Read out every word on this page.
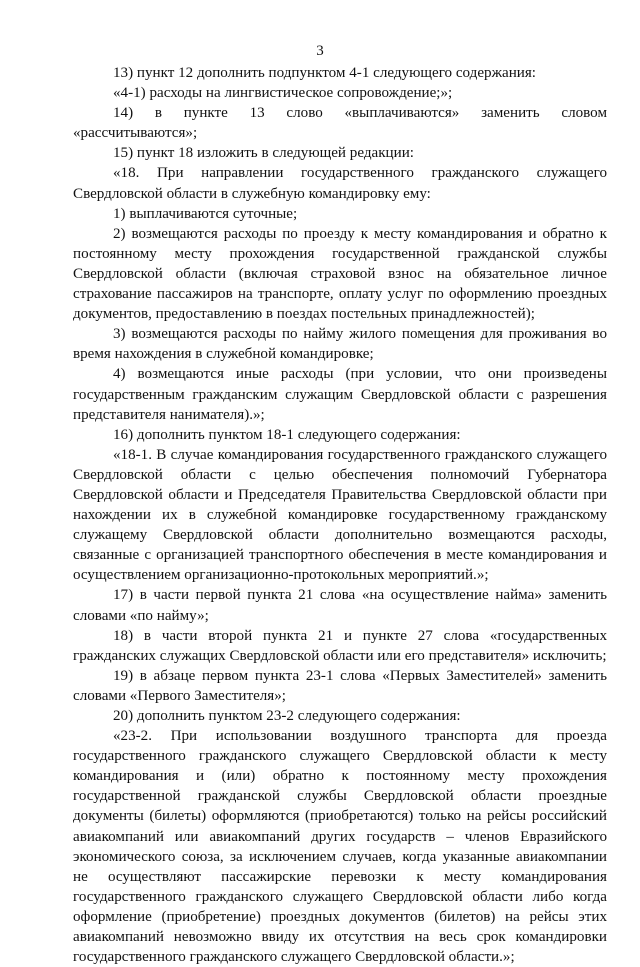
3

13) пункт 12 дополнить подпунктом 4-1 следующего содержания:

«4-1) расходы на лингвистическое сопровождение;»;

14) в пункте 13 слово «выплачиваются» заменить словом «рассчитываются»;

15) пункт 18 изложить в следующей редакции:

«18. При направлении государственного гражданского служащего Свердловской области в служебную командировку ему:

1) выплачиваются суточные;

2) возмещаются расходы по проезду к месту командирования и обратно к постоянному месту прохождения государственной гражданской службы Свердловской области (включая страховой взнос на обязательное личное страхование пассажиров на транспорте, оплату услуг по оформлению проездных документов, предоставлению в поездах постельных принадлежностей);

3) возмещаются расходы по найму жилого помещения для проживания во время нахождения в служебной командировке;

4) возмещаются иные расходы (при условии, что они произведены государственным гражданским служащим Свердловской области с разрешения представителя нанимателя).»;

16) дополнить пунктом 18-1 следующего содержания:

«18-1. В случае командирования государственного гражданского служащего Свердловской области с целью обеспечения полномочий Губернатора Свердловской области и Председателя Правительства Свердловской области при нахождении их в служебной командировке государственному гражданскому служащему Свердловской области дополнительно возмещаются расходы, связанные с организацией транспортного обеспечения в месте командирования и осуществлением организационно-протокольных мероприятий.»;

17) в части первой пункта 21 слова «на осуществление найма» заменить словами «по найму»;

18) в части второй пункта 21 и пункте 27 слова «государственных гражданских служащих Свердловской области или его представителя» исключить;

19) в абзаце первом пункта 23-1 слова «Первых Заместителей» заменить словами «Первого Заместителя»;

20) дополнить пунктом 23-2 следующего содержания:

«23-2. При использовании воздушного транспорта для проезда государственного гражданского служащего Свердловской области к месту командирования и (или) обратно к постоянному месту прохождения государственной гражданской службы Свердловской области проездные документы (билеты) оформляются (приобретаются) только на рейсы российский авиакомпаний или авиакомпаний других государств – членов Евразийского экономического союза, за исключением случаев, когда указанные авиакомпании не осуществляют пассажирские перевозки к месту командирования государственного гражданского служащего Свердловской области либо когда оформление (приобретение) проездных документов (билетов) на рейсы этих авиакомпаний невозможно ввиду их отсутствия на весь срок командировки государственного гражданского служащего Свердловской области.»;
